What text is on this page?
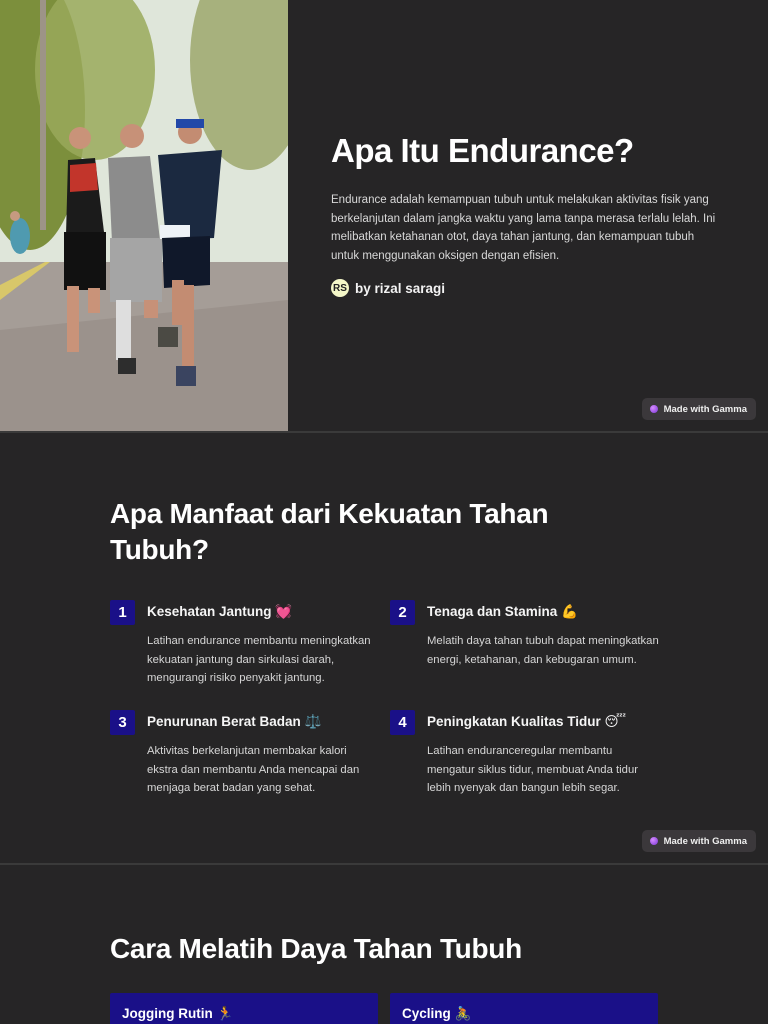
Apa Itu Endurance?
Endurance adalah kemampuan tubuh untuk melakukan aktivitas fisik yang berkelanjutan dalam jangka waktu yang lama tanpa merasa terlalu lelah. Ini melibatkan ketahanan otot, daya tahan jantung, dan kemampuan tubuh untuk menggunakan oksigen dengan efisien.
RS by rizal saragi
Made with Gamma
Apa Manfaat dari Kekuatan Tahan Tubuh?
1	Kesehatan Jantung 💓
Latihan endurance membantu meningkatkan kekuatan jantung dan sirkulasi darah, mengurangi risiko penyakit jantung.
2	Tenaga dan Stamina 💪
Melatih daya tahan tubuh dapat meningkatkan energi, ketahanan, dan kebugaran umum.
3	Penurunan Berat Badan ⚖️
Aktivitas berkelanjutan membakar kalori ekstra dan membantu Anda mencapai dan menjaga berat badan yang sehat.
4	Peningkatan Kualitas Tidur 😴
Latihan enduranceregular membantu mengatur siklus tidur, membuat Anda tidur lebih nyenyak dan bangun lebih segar.
Made with Gamma
Cara Melatih Daya Tahan Tubuh
Jogging Rutin 🏃	Cycling 🚴
